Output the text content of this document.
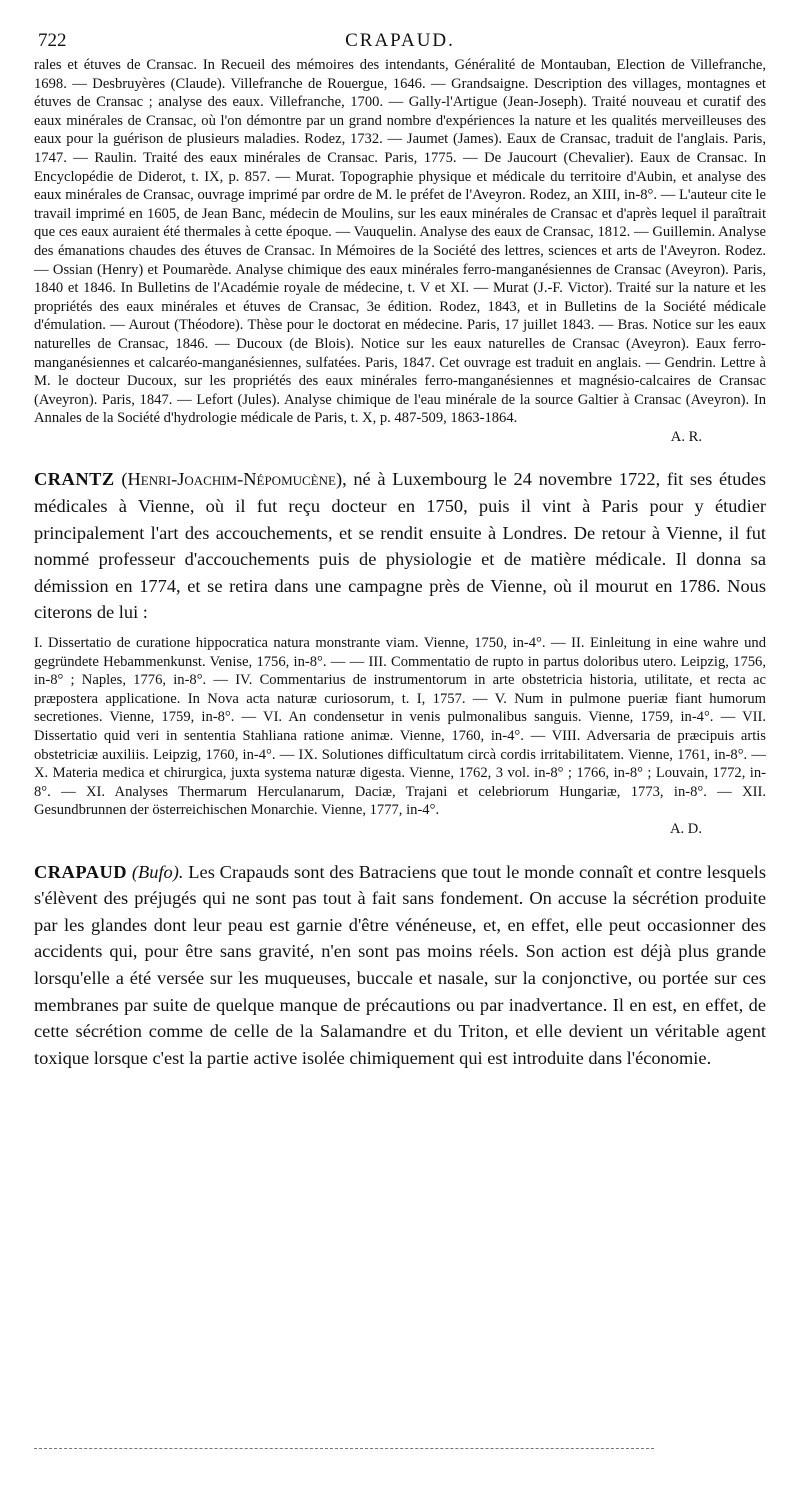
722	CRAPAUD.

rales et étuves de Cransac. In Recueil des mémoires des intendants, Généralité de Montauban, Election de Villefranche, 1698. — Desbruyères (Claude). Villefranche de Rouergue, 1646. — Grandsaigne. Description des villages, montagnes et étuves de Cransac ; analyse des eaux. Villefranche, 1700. — Gally-l'Artigue (Jean-Joseph). Traité nouveau et curatif des eaux minérales de Cransac, où l'on démontre par un grand nombre d'expériences la nature et les qualités merveilleuses des eaux pour la guérison de plusieurs maladies. Rodez, 1732. — Jaumet (James). Eaux de Cransac, traduit de l'anglais. Paris, 1747. — Raulin. Traité des eaux minérales de Cransac. Paris, 1775. — De Jaucourt (Chevalier). Eaux de Cransac. In Encyclopédie de Diderot, t. IX, p. 857. — Murat. Topographie physique et médicale du territoire d'Aubin, et analyse des eaux minérales de Cransac, ouvrage imprimé par ordre de M. le préfet de l'Aveyron. Rodez, an XIII, in-8°. — L'auteur cite le travail imprimé en 1605, de Jean Banc, médecin de Moulins, sur les eaux minérales de Cransac et d'après lequel il paraîtrait que ces eaux auraient été thermales à cette époque. — Vauquelin. Analyse des eaux de Cransac, 1812. — Guillemin. Analyse des émanations chaudes des étuves de Cransac. In Mémoires de la Société des lettres, sciences et arts de l'Aveyron. Rodez. — Ossian (Henry) et Poumarède. Analyse chimique des eaux minérales ferro-manganésiennes de Cransac (Aveyron). Paris, 1840 et 1846. In Bulletins de l'Académie royale de médecine, t. V et XI. — Murat (J.-F. Victor). Traité sur la nature et les propriétés des eaux minérales et étuves de Cransac, 3e édition. Rodez, 1843, et in Bulletins de la Société médicale d'émulation. — Aurout (Théodore). Thèse pour le doctorat en médecine. Paris, 17 juillet 1843. — Bras. Notice sur les eaux naturelles de Cransac, 1846. — Ducoux (de Blois). Notice sur les eaux naturelles de Cransac (Aveyron). Eaux ferro-manganésiennes et calcaréo-manganésiennes, sulfatées. Paris, 1847. Cet ouvrage est traduit en anglais. — Gendrin. Lettre à M. le docteur Ducoux, sur les propriétés des eaux minérales ferro-manganésiennes et magnésio-calcaires de Cransac (Aveyron). Paris, 1847. — Lefort (Jules). Analyse chimique de l'eau minérale de la source Galtier à Cransac (Aveyron). In Annales de la Société d'hydrologie médicale de Paris, t. X, p. 487-509, 1863-1864.
A. R.

CRANTZ (Henri-Joachim-Népomucène), né à Luxembourg le 24 novembre 1722, fit ses études médicales à Vienne, où il fut reçu docteur en 1750, puis il vint à Paris pour y étudier principalement l'art des accouchements, et se rendit ensuite à Londres. De retour à Vienne, il fut nommé professeur d'accouchements puis de physiologie et de matière médicale. Il donna sa démission en 1774, et se retira dans une campagne près de Vienne, où il mourut en 1786. Nous citerons de lui :

I. Dissertatio de curatione hippocratica natura monstrante viam. Vienne, 1750, in-4°. — II. Einleitung in eine wahre und gegründete Hebammenkunst. Venise, 1756, in-8°. — — III. Commentatio de rupto in partus doloribus utero. Leipzig, 1756, in-8° ; Naples, 1776, in-8°. — IV. Commentarius de instrumentorum in arte obstetricia historia, utilitate, et recta ac præpostera applicatione. In Nova acta naturæ curiosorum, t. I, 1757. — V. Num in pulmone pueriæ fiant humorum secretiones. Vienne, 1759, in-8°. — VI. An condensetur in venis pulmonalibus sanguis. Vienne, 1759, in-4°. — VII. Dissertatio quid veri in sententia Stahliana ratione animæ. Vienne, 1760, in-4°. — VIII. Adversaria de præcipuis artis obstetriciæ auxiliis. Leipzig, 1760, in-4°. — IX. Solutiones difficultatum circà cordis irritabilitatem. Vienne, 1761, in-8°. — X. Materia medica et chirurgica, juxta systema naturæ digesta. Vienne, 1762, 3 vol. in-8° ; 1766, in-8° ; Louvain, 1772, in-8°. — XI. Analyses Thermarum Herculanarum, Daciæ, Trajani et celebriorum Hungariæ, 1773, in-8°. — XII. Gesundbrunnen der österreichischen Monarchie. Vienne, 1777, in-4°.
A. D.

CRAPAUD (Bufo). Les Crapauds sont des Batraciens que tout le monde connaît et contre lesquels s'élèvent des préjugés qui ne sont pas tout à fait sans fondement. On accuse la sécrétion produite par les glandes dont leur peau est garnie d'être vénéneuse, et, en effet, elle peut occasionner des accidents qui, pour être sans gravité, n'en sont pas moins réels. Son action est déjà plus grande lorsqu'elle a été versée sur les muqueuses, buccale et nasale, sur la conjonctive, ou portée sur ces membranes par suite de quelque manque de précautions ou par inadvertance. Il en est, en effet, de cette sécrétion comme de celle de la Salamandre et du Triton, et elle devient un véritable agent toxique lorsque c'est la partie active isolée chimiquement qui est introduite dans l'économie.
